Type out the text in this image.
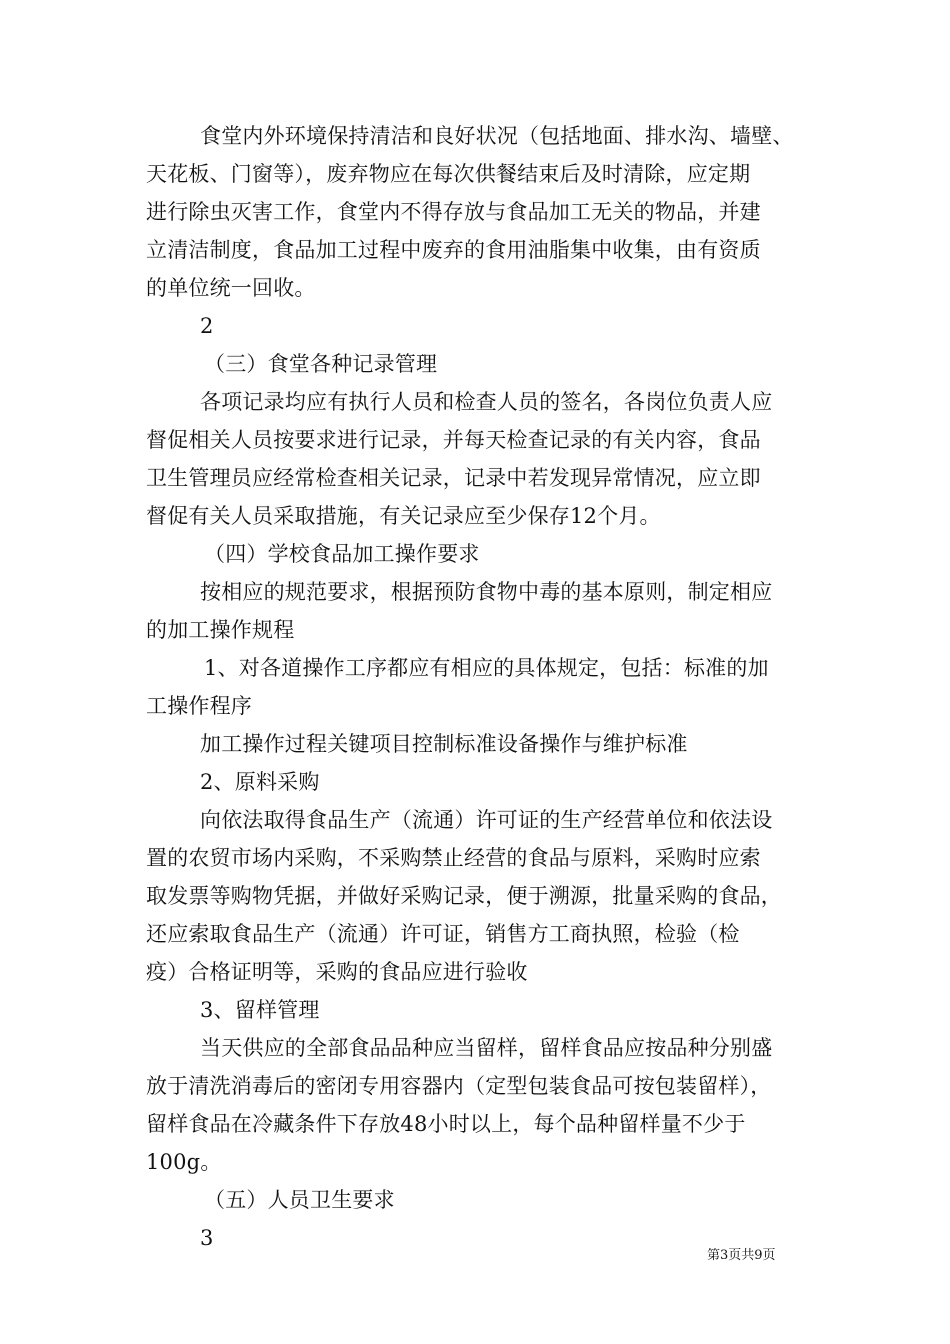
食堂内外环境保持清洁和良好状况（包括地面、排水沟、墙壁、
天花板、门窗等），废弃物应在每次供餐结束后及时清除，应定期
进行除虫灭害工作，食堂内不得存放与食品加工无关的物品，并建
立清洁制度，食品加工过程中废弃的食用油脂集中收集，由有资质
的单位统一回收。
2
（三）食堂各种记录管理
各项记录均应有执行人员和检查人员的签名，各岗位负责人应
督促相关人员按要求进行记录，并每天检查记录的有关内容，食品
卫生管理员应经常检查相关记录，记录中若发现异常情况，应立即
督促有关人员采取措施，有关记录应至少保存12个月。
（四）学校食品加工操作要求
按相应的规范要求，根据预防食物中毒的基本原则，制定相应
的加工操作规程
1、对各道操作工序都应有相应的具体规定，包括：标准的加
工操作程序
加工操作过程关键项目控制标准设备操作与维护标准
2、原料采购
向依法取得食品生产（流通）许可证的生产经营单位和依法设
置的农贸市场内采购，不采购禁止经营的食品与原料，采购时应索
取发票等购物凭据，并做好采购记录，便于溯源，批量采购的食品，
还应索取食品生产（流通）许可证，销售方工商执照，检验（检
疫）合格证明等，采购的食品应进行验收
3、留样管理
当天供应的全部食品品种应当留样，留样食品应按品种分别盛
放于清洗消毒后的密闭专用容器内（定型包装食品可按包装留样），
留样食品在冷藏条件下存放48小时以上，每个品种留样量不少于
100g。
（五）人员卫生要求
3
第3页共9页
